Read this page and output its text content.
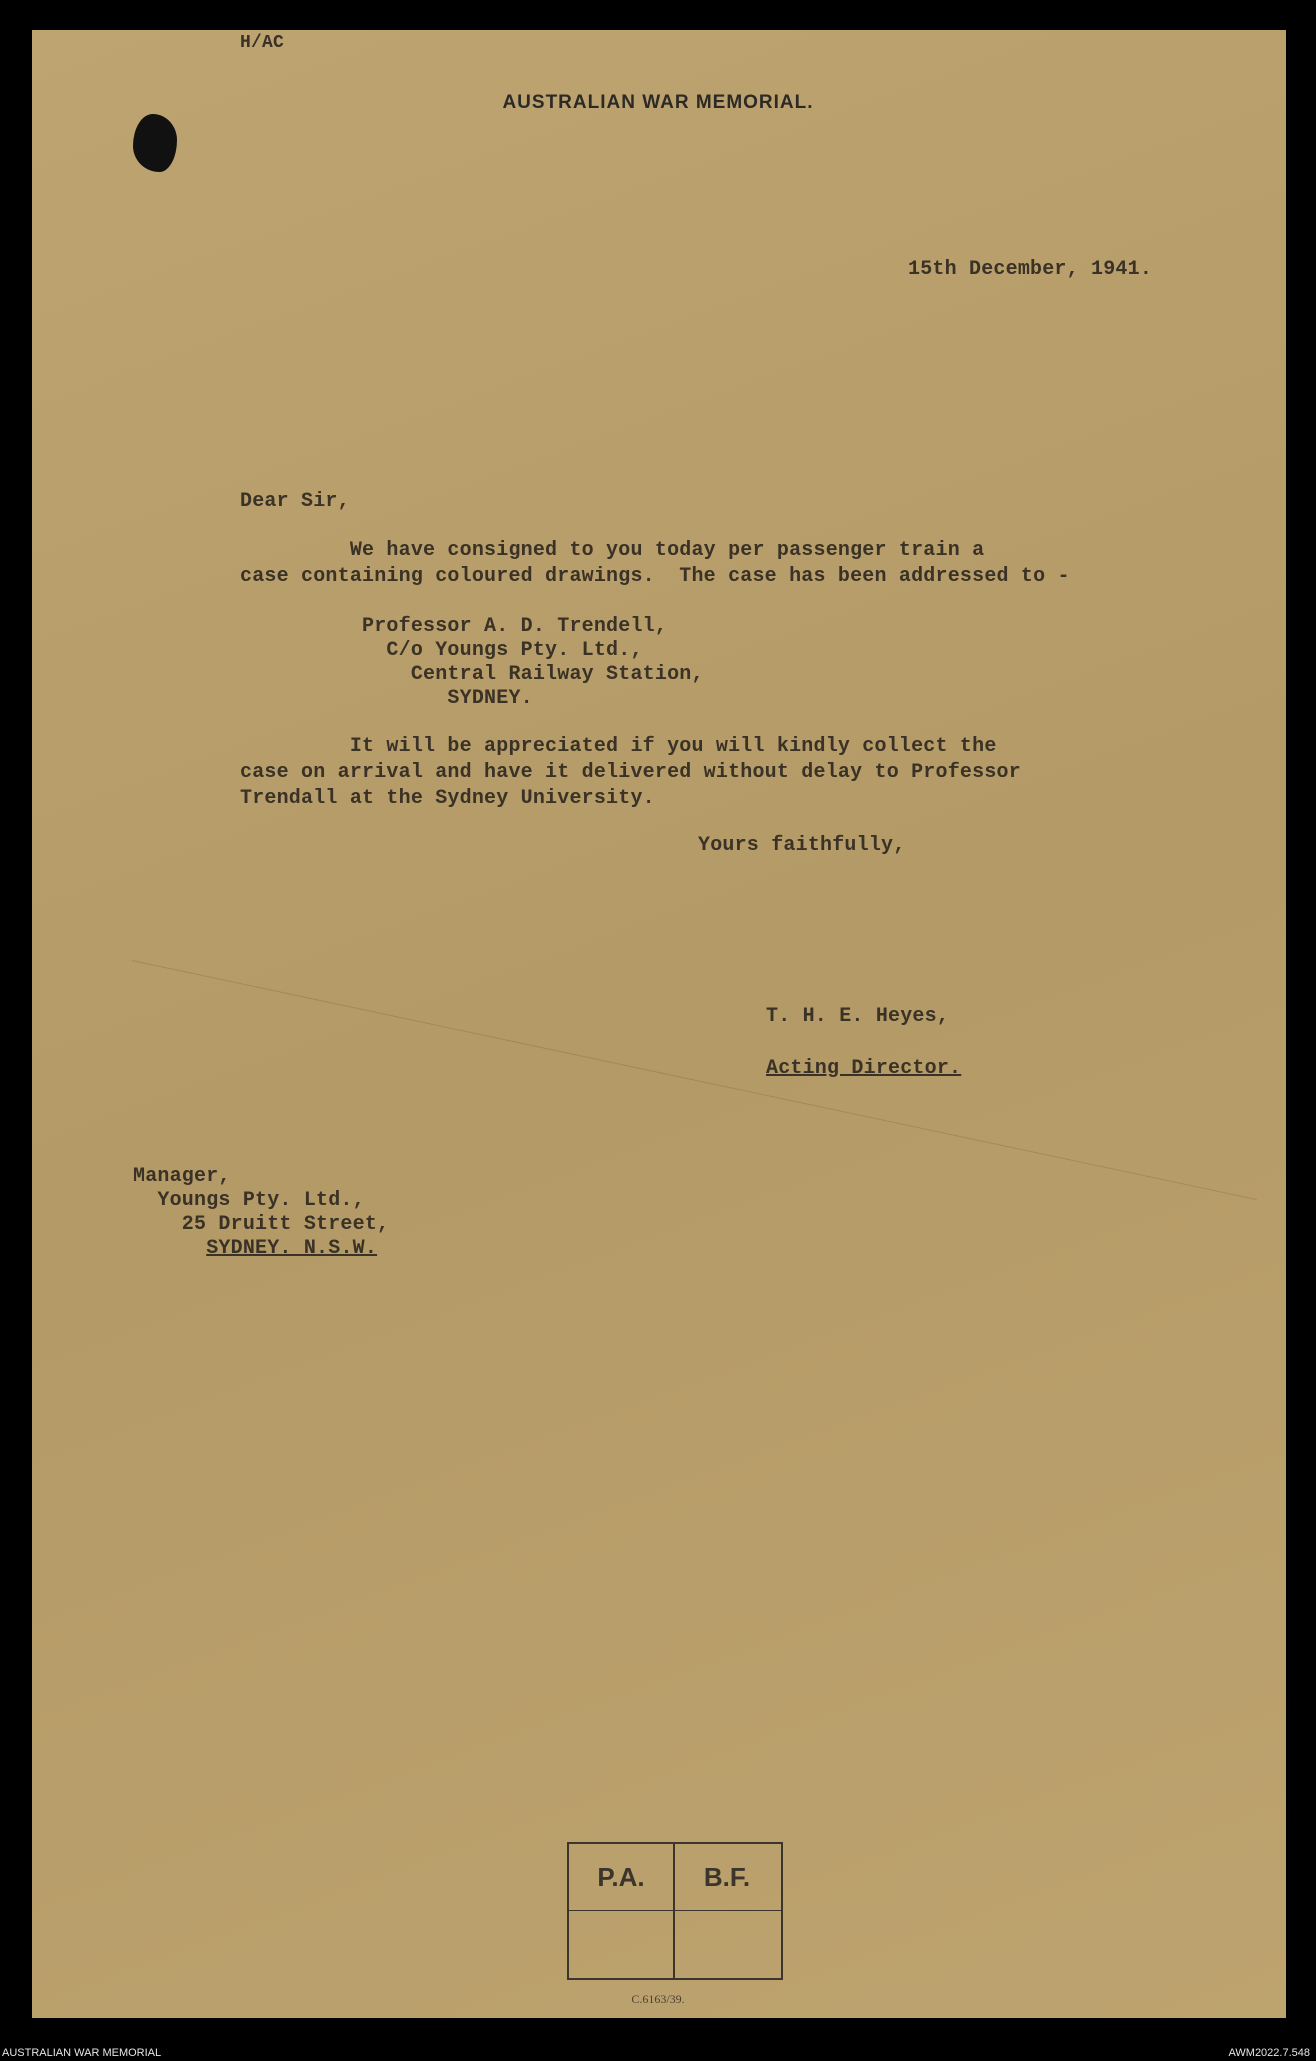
H/AC
AUSTRALIAN WAR MEMORIAL.
15th December, 1941.
Dear Sir,
We have consigned to you today per passenger train a
case containing coloured drawings.  The case has been addressed to -
Professor A. D. Trendell,
C/o Youngs Pty. Ltd.,
Central Railway Station,
SYDNEY.
It will be appreciated if you will kindly collect the
case on arrival and have it delivered without delay to Professor
Trendall at the Sydney University.
Yours faithfully,
T. H. E. Heyes,
Acting Director.
Manager,
Youngs Pty. Ltd.,
25 Druitt Street,
SYDNEY. N.S.W.
P.A.	B.F.
C.6163/39.
AUSTRALIAN WAR MEMORIAL	AWM2022.7.548
